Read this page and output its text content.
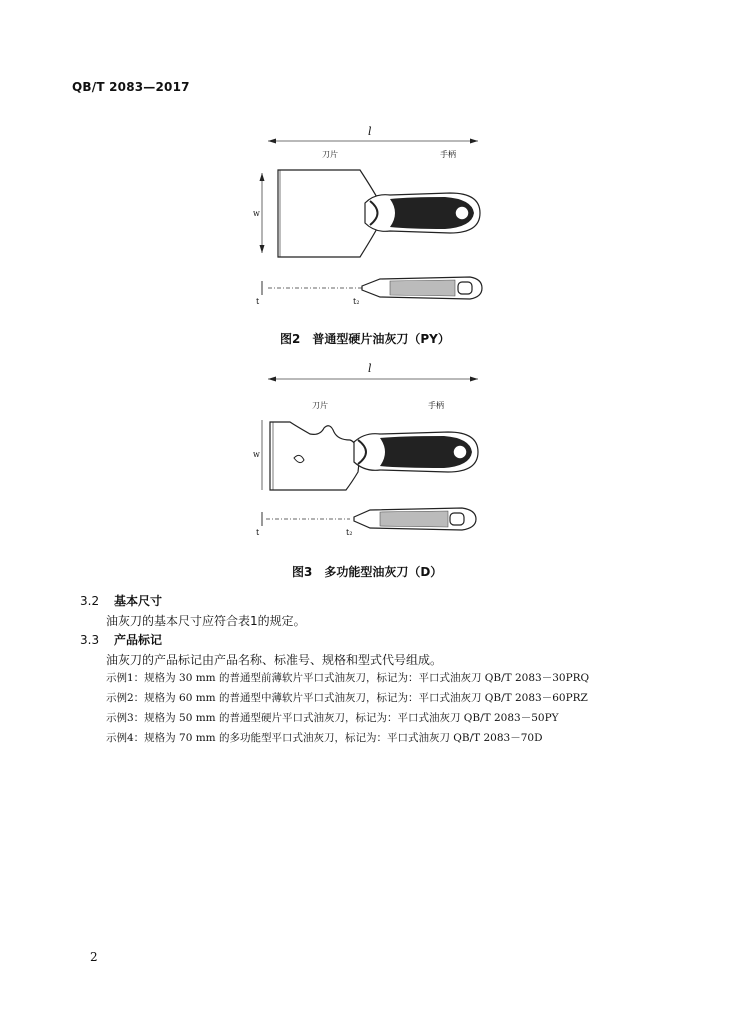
QB/T 2083—2017
l
刀片	手柄
w
t	t₂
图2　普通型硬片油灰刀（PY）
l
刀片	手柄
w
t	t₂
图3　多功能型油灰刀（D）
3.2 基本尺寸
油灰刀的基本尺寸应符合表1的规定。
3.3 产品标记
油灰刀的产品标记由产品名称、标准号、规格和型式代号组成。
示例1：规格为 30 mm 的普通型前薄软片平口式油灰刀，标记为：平口式油灰刀 QB/T 2083－30PRQ
示例2：规格为 60 mm 的普通型中薄软片平口式油灰刀，标记为：平口式油灰刀 QB/T 2083－60PRZ
示例3：规格为 50 mm 的普通型硬片平口式油灰刀，标记为：平口式油灰刀 QB/T 2083－50PY
示例4：规格为 70 mm 的多功能型平口式油灰刀，标记为：平口式油灰刀 QB/T 2083－70D
2
